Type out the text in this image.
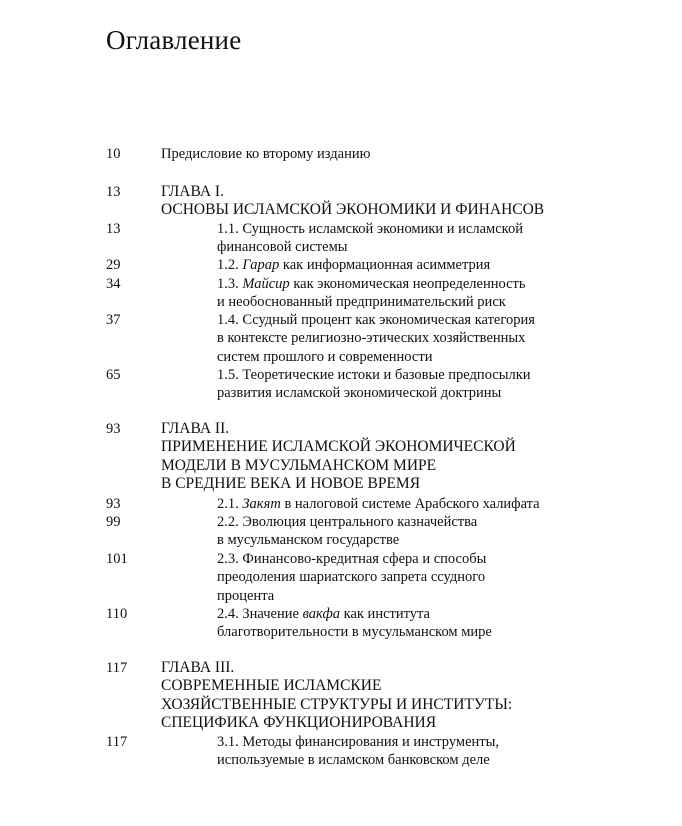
Оглавление
10	Предисловие ко второму изданию
13	ГЛАВА I.
ОСНОВЫ ИСЛАМСКОЙ ЭКОНОМИКИ И ФИНАНСОВ
13	1.1. Сущность исламской экономики и исламской
финансовой системы
29	1.2. Гарар как информационная асимметрия
34	1.3. Майсир как экономическая неопределенность
и необоснованный предпринимательский риск
37	1.4. Ссудный процент как экономическая категория
в контексте религиозно-этических хозяйственных
систем прошлого и современности
65	1.5. Теоретические истоки и базовые предпосылки
развития исламской экономической доктрины
93	ГЛАВА II.
ПРИМЕНЕНИЕ ИСЛАМСКОЙ ЭКОНОМИЧЕСКОЙ
МОДЕЛИ В МУСУЛЬМАНСКОМ МИРЕ
В СРЕДНИЕ ВЕКА И НОВОЕ ВРЕМЯ
93	2.1. Закят в налоговой системе Арабского халифата
99	2.2. Эволюция центрального казначейства
в мусульманском государстве
101	2.3. Финансово-кредитная сфера и способы
преодоления шариатского запрета ссудного
процента
110	2.4. Значение вакфа как института
благотворительности в мусульманском мире
117 ГЛАВА III.
СОВРЕМЕННЫЕ ИСЛАМСКИЕ
ХОЗЯЙСТВЕННЫЕ СТРУКТУРЫ И ИНСТИТУТЫ:
СПЕЦИФИКА ФУНКЦИОНИРОВАНИЯ
117	3.1. Методы финансирования и инструменты,
используемые в исламском банковском деле
